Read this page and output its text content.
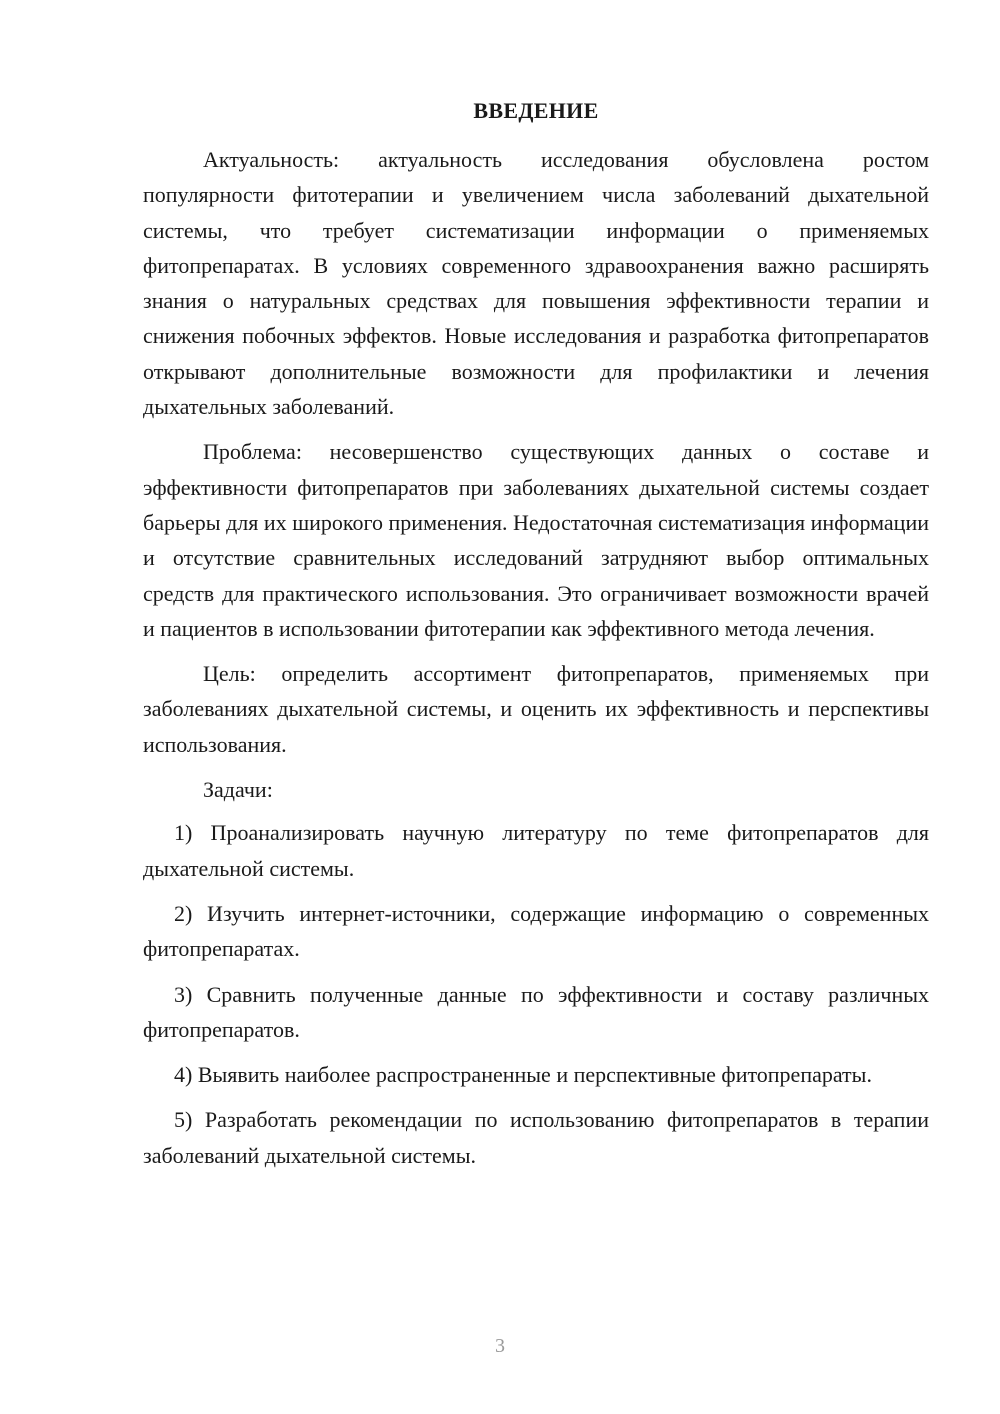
ВВЕДЕНИЕ

Актуальность: актуальность исследования обусловлена ростом популярности фитотерапии и увеличением числа заболеваний дыхательной системы, что требует систематизации информации о применяемых фитопрепаратах. В условиях современного здравоохранения важно расширять знания о натуральных средствах для повышения эффективности терапии и снижения побочных эффектов. Новые исследования и разработка фитопрепаратов открывают дополнительные возможности для профилактики и лечения дыхательных заболеваний.

Проблема: несовершенство существующих данных о составе и эффективности фитопрепаратов при заболеваниях дыхательной системы создает барьеры для их широкого применения. Недостаточная систематизация информации и отсутствие сравнительных исследований затрудняют выбор оптимальных средств для практического использования. Это ограничивает возможности врачей и пациентов в использовании фитотерапии как эффективного метода лечения.

Цель: определить ассортимент фитопрепаратов, применяемых при заболеваниях дыхательной системы, и оценить их эффективность и перспективы использования.

Задачи:

1) Проанализировать научную литературу по теме фитопрепаратов для дыхательной системы.

2) Изучить интернет-источники, содержащие информацию о современных фитопрепаратах.

3) Сравнить полученные данные по эффективности и составу различных фитопрепаратов.

4) Выявить наиболее распространенные и перспективные фитопрепараты.

5) Разработать рекомендации по использованию фитопрепаратов в терапии заболеваний дыхательной системы.

3
